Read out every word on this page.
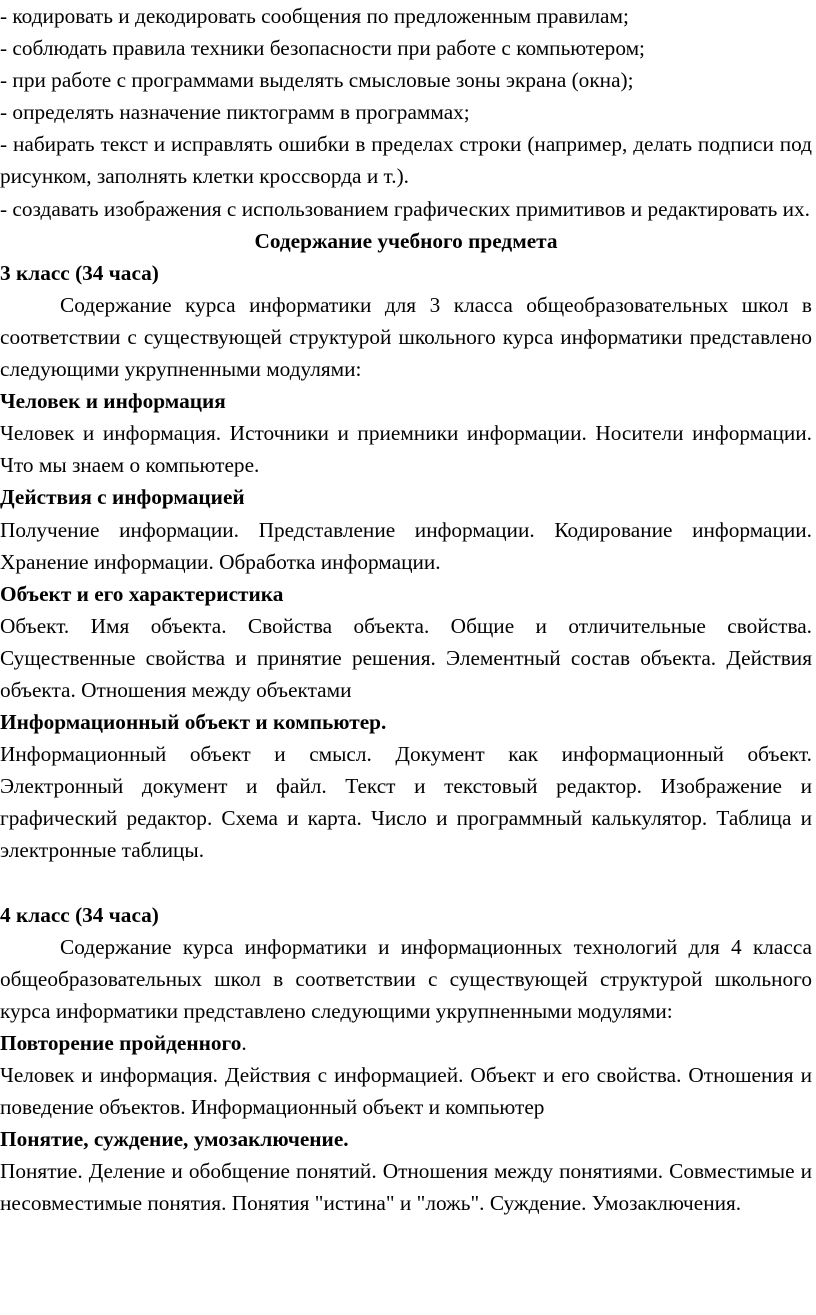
- кодировать и декодировать сообщения по предложенным правилам;

- соблюдать правила техники безопасности при работе с компьютером;

- при работе с программами выделять смысловые зоны экрана (окна);

- определять назначение пиктограмм в программах;

- набирать текст и исправлять ошибки в пределах строки (например, делать подписи под рисунком, заполнять клетки кроссворда и т.).

- создавать изображения с использованием графических примитивов и редактировать их.

Содержание учебного предмета

3 класс (34 часа)

Содержание курса информатики для 3 класса общеобразовательных школ в соответствии с существующей структурой школьного курса информатики представлено следующими укрупненными модулями:

Человек и информация

Человек и информация. Источники и приемники информации. Носители информации. Что мы знаем о компьютере.

Действия с информацией

Получение информации. Представление информации. Кодирование информации. Хранение информации. Обработка информации.

Объект и его характеристика

Объект. Имя объекта. Свойства объекта. Общие и отличительные свойства. Существенные свойства и принятие решения. Элементный состав объекта. Действия объекта. Отношения между объектами

Информационный объект и компьютер.

Информационный объект и смысл. Документ как информационный объект. Электронный документ и файл. Текст и текстовый редактор. Изображение и графический редактор. Схема и карта. Число и программный калькулятор. Таблица и электронные таблицы.

4 класс (34 часа)

Содержание курса информатики и информационных технологий для 4 класса общеобразовательных школ в соответствии с существующей структурой школьного курса информатики представлено следующими укрупненными модулями:

Повторение пройденного.

Человек и информация. Действия с информацией. Объект и его свойства. Отношения и поведение объектов. Информационный объект и компьютер

Понятие, суждение, умозаключение.

Понятие. Деление и обобщение понятий. Отношения между понятиями. Совместимые и несовместимые понятия. Понятия "истина" и "ложь". Суждение. Умозаключения.
